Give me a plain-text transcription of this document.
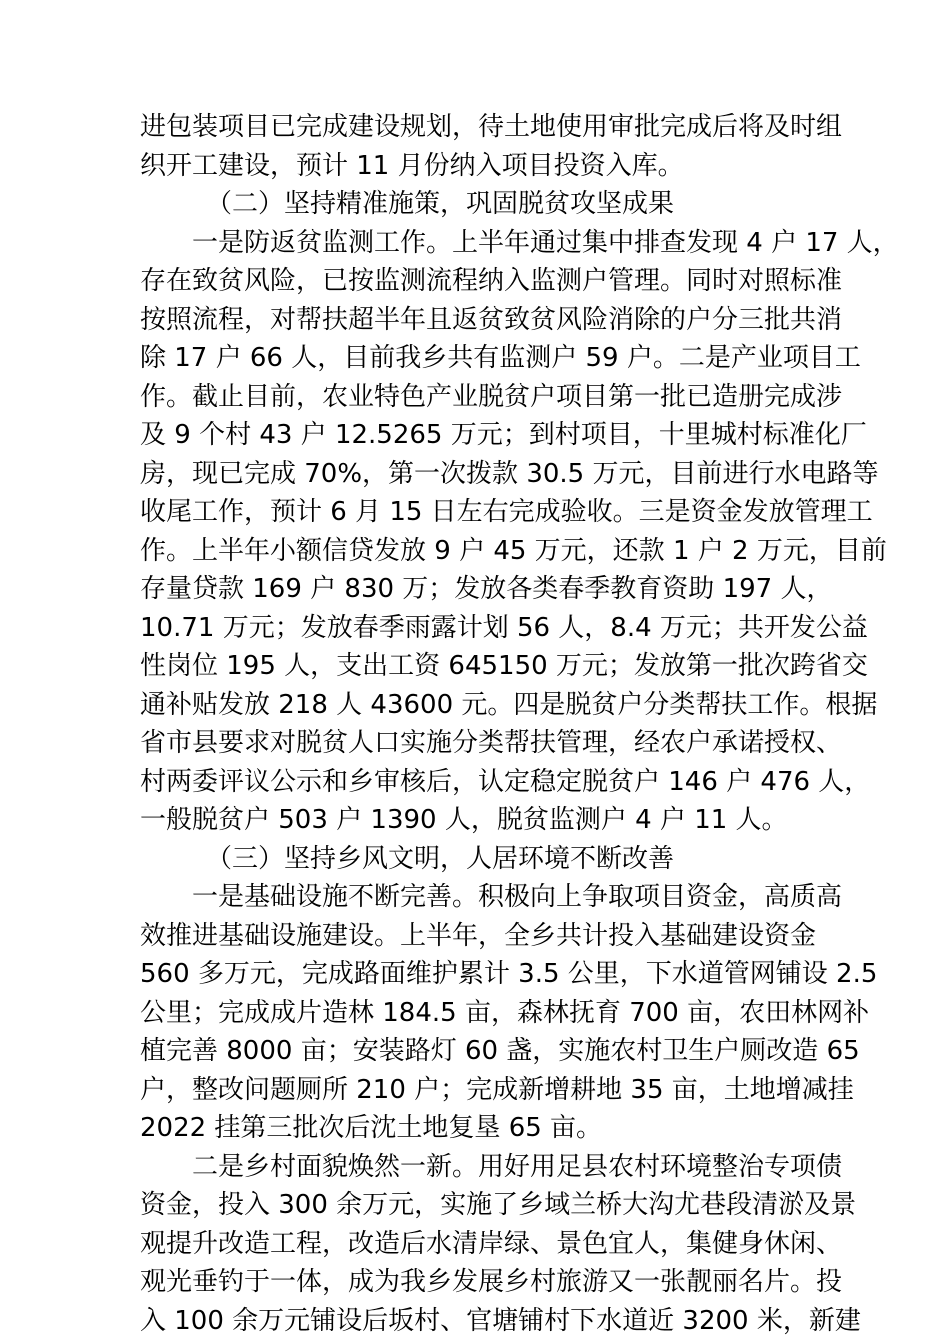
进包装项目已完成建设规划，待土地使用审批完成后将及时组
织开工建设，预计 11 月份纳入项目投资入库。
（二）坚持精准施策，巩固脱贫攻坚成果
一是防返贫监测工作。上半年通过集中排查发现 4 户 17 人，
存在致贫风险，已按监测流程纳入监测户管理。同时对照标准
按照流程，对帮扶超半年且返贫致贫风险消除的户分三批共消
除 17 户 66 人，目前我乡共有监测户 59 户。二是产业项目工
作。截止目前，农业特色产业脱贫户项目第一批已造册完成涉
及 9 个村 43 户 12.5265 万元；到村项目，十里城村标准化厂
房，现已完成 70%，第一次拨款 30.5 万元，目前进行水电路等
收尾工作，预计 6 月 15 日左右完成验收。三是资金发放管理工
作。上半年小额信贷发放 9 户 45 万元，还款 1 户 2 万元，目前
存量贷款 169 户 830 万；发放各类春季教育资助 197 人，
10.71 万元；发放春季雨露计划 56 人，8.4 万元；共开发公益
性岗位 195 人，支出工资 645150 万元；发放第一批次跨省交
通补贴发放 218 人 43600 元。四是脱贫户分类帮扶工作。根据
省市县要求对脱贫人口实施分类帮扶管理，经农户承诺授权、
村两委评议公示和乡审核后，认定稳定脱贫户 146 户 476 人，
一般脱贫户 503 户 1390 人，脱贫监测户 4 户 11 人。
（三）坚持乡风文明，人居环境不断改善
一是基础设施不断完善。积极向上争取项目资金，高质高
效推进基础设施建设。上半年，全乡共计投入基础建设资金
560 多万元，完成路面维护累计 3.5 公里，下水道管网铺设 2.5
公里；完成成片造林 184.5 亩，森林抚育 700 亩，农田林网补
植完善 8000 亩；安装路灯 60 盏，实施农村卫生户厕改造 65
户，整改问题厕所 210 户；完成新增耕地 35 亩，土地增减挂
2022 挂第三批次后沈土地复垦 65 亩。
二是乡村面貌焕然一新。用好用足县农村环境整治专项债
资金，投入 300 余万元，实施了乡域兰桥大沟尤巷段清淤及景
观提升改造工程，改造后水清岸绿、景色宜人，集健身休闲、
观光垂钓于一体，成为我乡发展乡村旅游又一张靓丽名片。投
入 100 余万元铺设后坂村、官塘铺村下水道近 3200 米，新建
